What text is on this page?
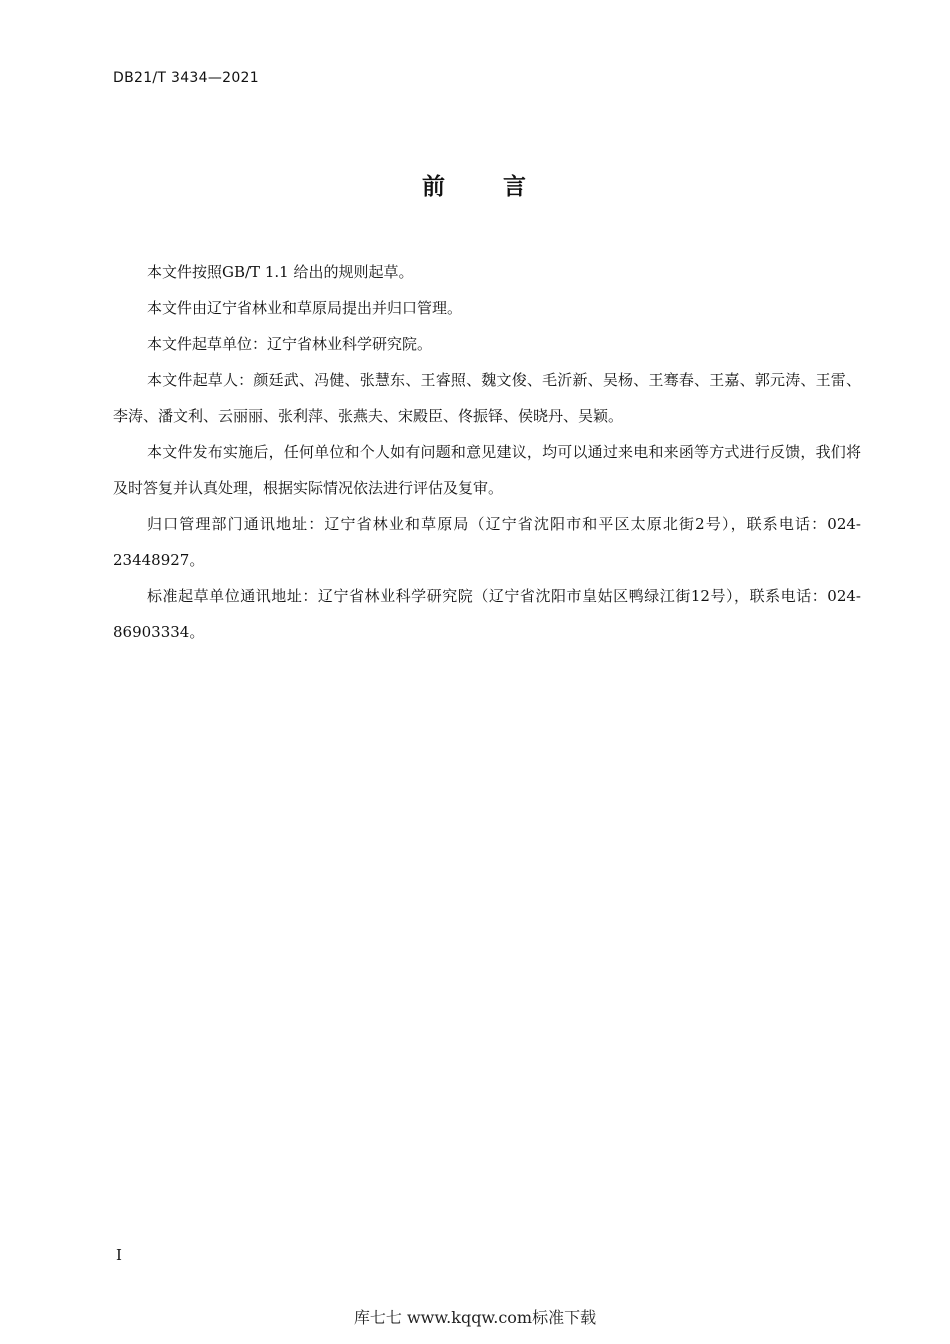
DB21/T 3434—2021
前 言

本文件按照GB/T 1.1 给出的规则起草。

本文件由辽宁省林业和草原局提出并归口管理。

本文件起草单位：辽宁省林业科学研究院。

本文件起草人：颜廷武、冯健、张慧东、王睿照、魏文俊、毛沂新、吴杨、王骞春、王嘉、郭元涛、王雷、李涛、潘文利、云丽丽、张利萍、张燕夫、宋殿臣、佟振铎、侯晓丹、吴颖。

本文件发布实施后，任何单位和个人如有问题和意见建议，均可以通过来电和来函等方式进行反馈，我们将及时答复并认真处理，根据实际情况依法进行评估及复审。

归口管理部门通讯地址：辽宁省林业和草原局（辽宁省沈阳市和平区太原北街2号），联系电话：024-23448927。

标准起草单位通讯地址：辽宁省林业科学研究院（辽宁省沈阳市皇姑区鸭绿江街12号），联系电话：024-86903334。

I
库七七 www.kqqw.com标准下载
